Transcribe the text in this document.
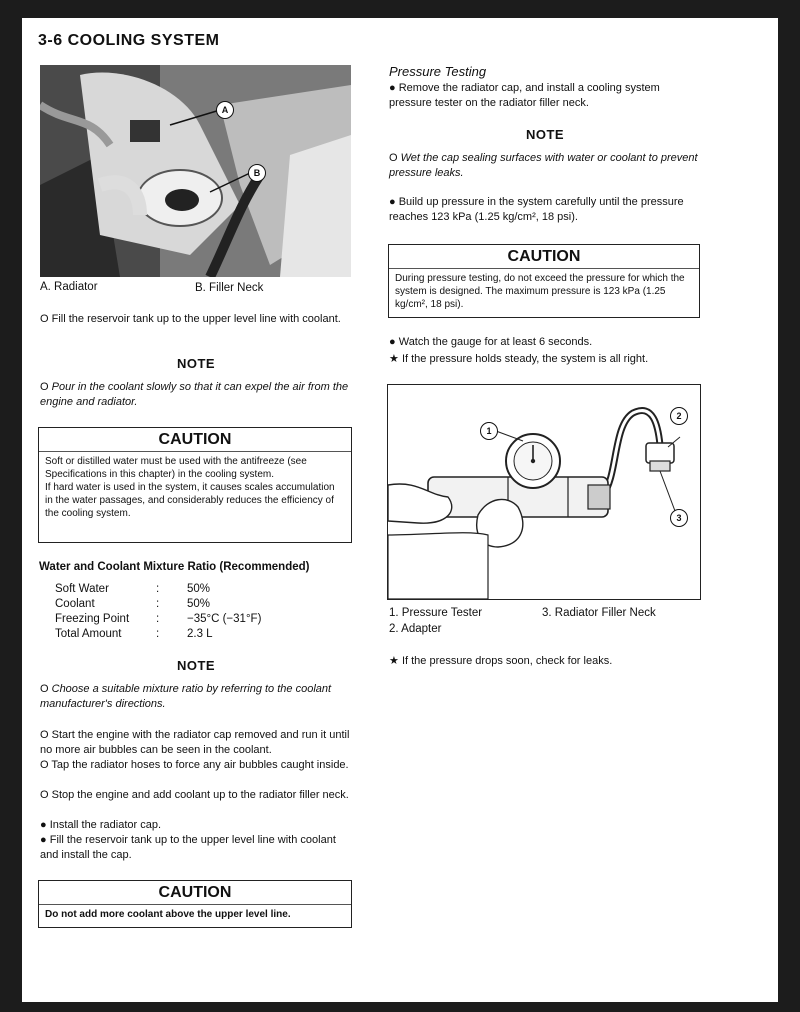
3-6 COOLING SYSTEM
A
B
A. Radiator	B. Filler Neck
O Fill the reservoir tank up to the upper level line with coolant.
NOTE
O Pour in the coolant slowly so that it can expel the air from the engine and radiator.
CAUTION
Soft or distilled water must be used with the antifreeze (see Specifications in this chapter) in the cooling system.
If hard water is used in the system, it causes scales accumulation in the water passages, and considerably reduces the efficiency of the cooling system.
Water and Coolant Mixture Ratio (Recommended)
Soft Water	: 50%
Coolant	: 50%
Freezing Point : −35°C (−31°F)
Total Amount	: 2.3 L
NOTE
O Choose a suitable mixture ratio by referring to the coolant manufacturer's directions.
O Start the engine with the radiator cap removed and run it until no more air bubbles can be seen in the coolant.
O Tap the radiator hoses to force any air bubbles caught inside.
O Stop the engine and add coolant up to the radiator filler neck.
● Install the radiator cap.
● Fill the reservoir tank up to the upper level line with coolant and install the cap.
CAUTION
Do not add more coolant above the upper level line.
Pressure Testing
● Remove the radiator cap, and install a cooling system pressure tester on the radiator filler neck.
NOTE
O Wet the cap sealing surfaces with water or coolant to prevent pressure leaks.
● Build up pressure in the system carefully until the pressure reaches 123 kPa (1.25 kg/cm², 18 psi).
CAUTION
During pressure testing, do not exceed the pressure for which the system is designed. The maximum pressure is 123 kPa (1.25 kg/cm², 18 psi).
● Watch the gauge for at least 6 seconds.
★ If the pressure holds steady, the system is all right.
1
2
3
1. Pressure Tester
2. Adapter
3. Radiator Filler Neck
★ If the pressure drops soon, check for leaks.
